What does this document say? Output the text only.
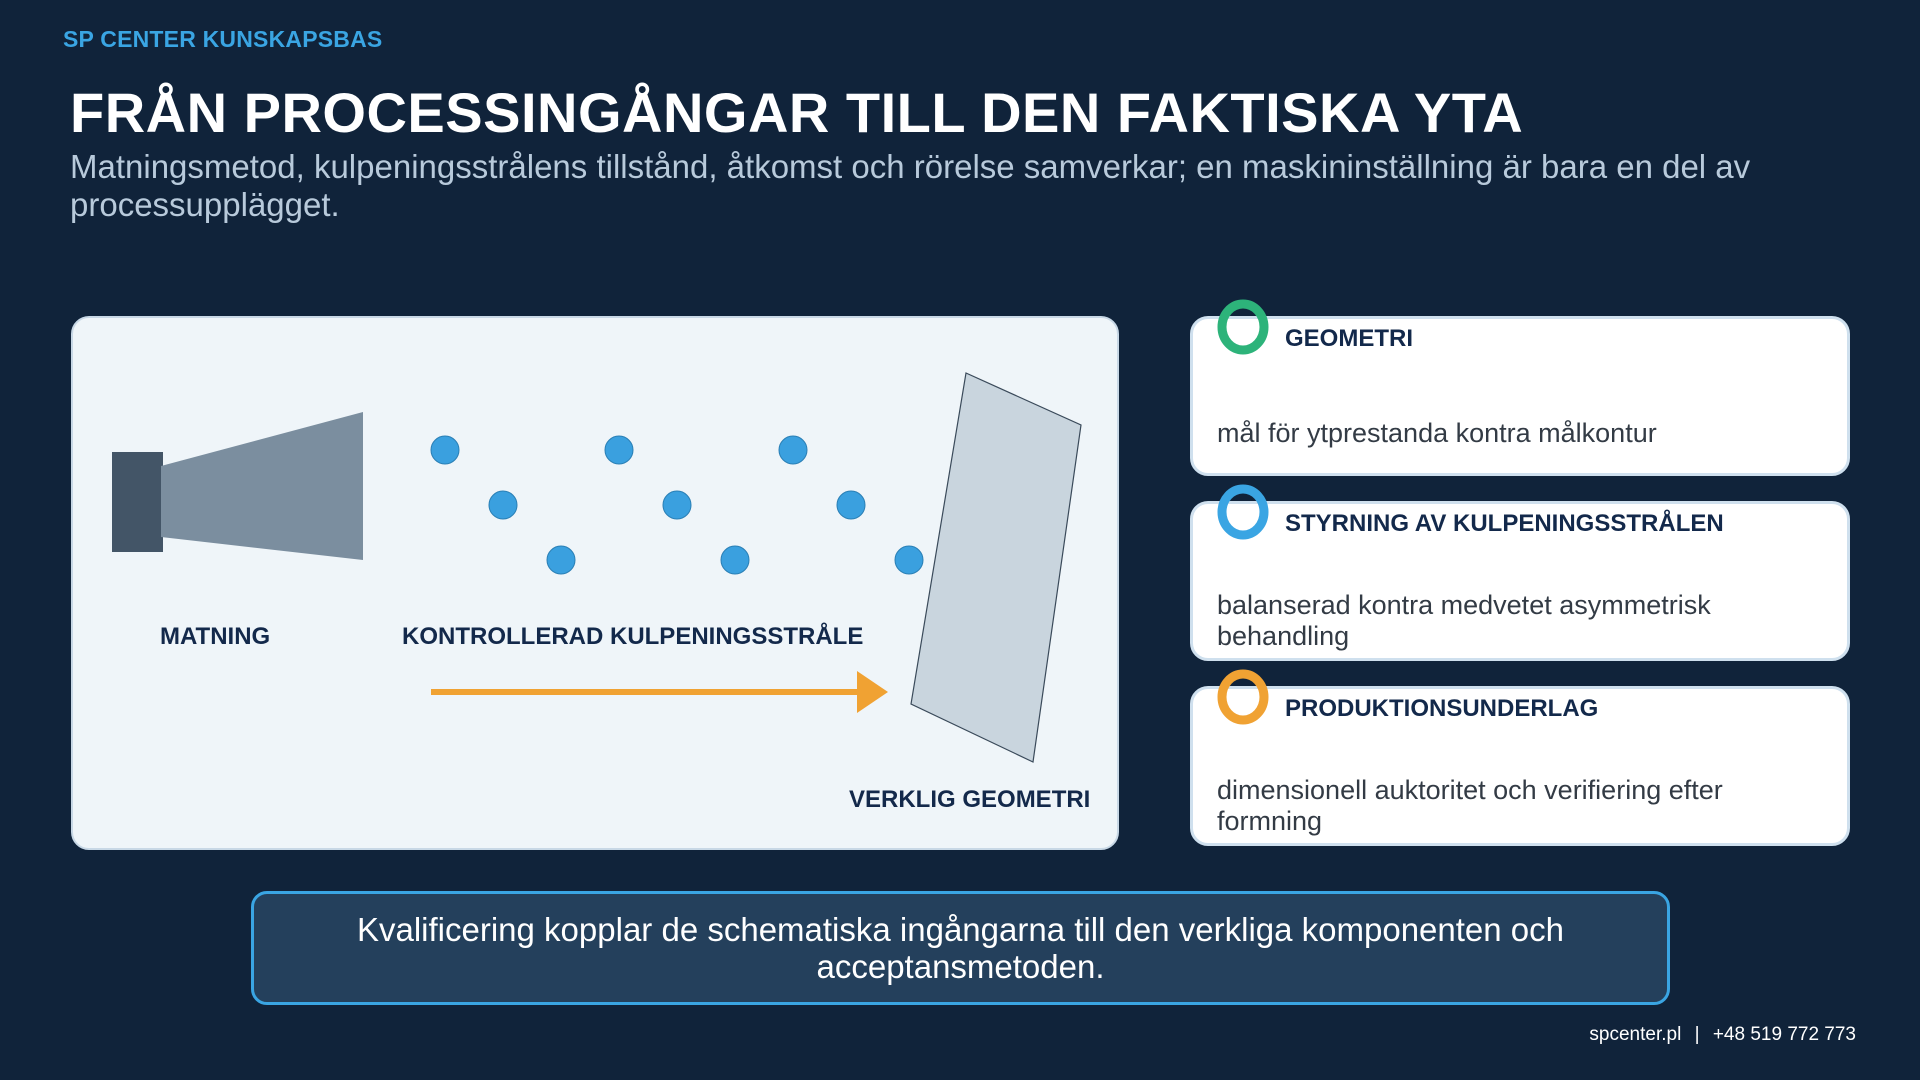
SP CENTER KUNSKAPSBAS
FRÅN PROCESSINGÅNGAR TILL DEN FAKTISKA YTA
Matningsmetod, kulpeningsstrålens tillstånd, åtkomst och rörelse samverkar; en maskininställning är bara en del av processupplägget.
MATNING	KONTROLLERAD KULPENINGSSTRÅLE
VERKLIG GEOMETRI
GEOMETRI
mål för ytprestanda kontra målkontur
STYRNING AV KULPENINGSSTRÅLEN
balanserad kontra medvetet asymmetrisk behandling
PRODUKTIONSUNDERLAG
dimensionell auktoritet och verifiering efter formning
Kvalificering kopplar de schematiska ingångarna till den verkliga komponenten och acceptansmetoden.
spcenter.pl | +48 519 772 773
